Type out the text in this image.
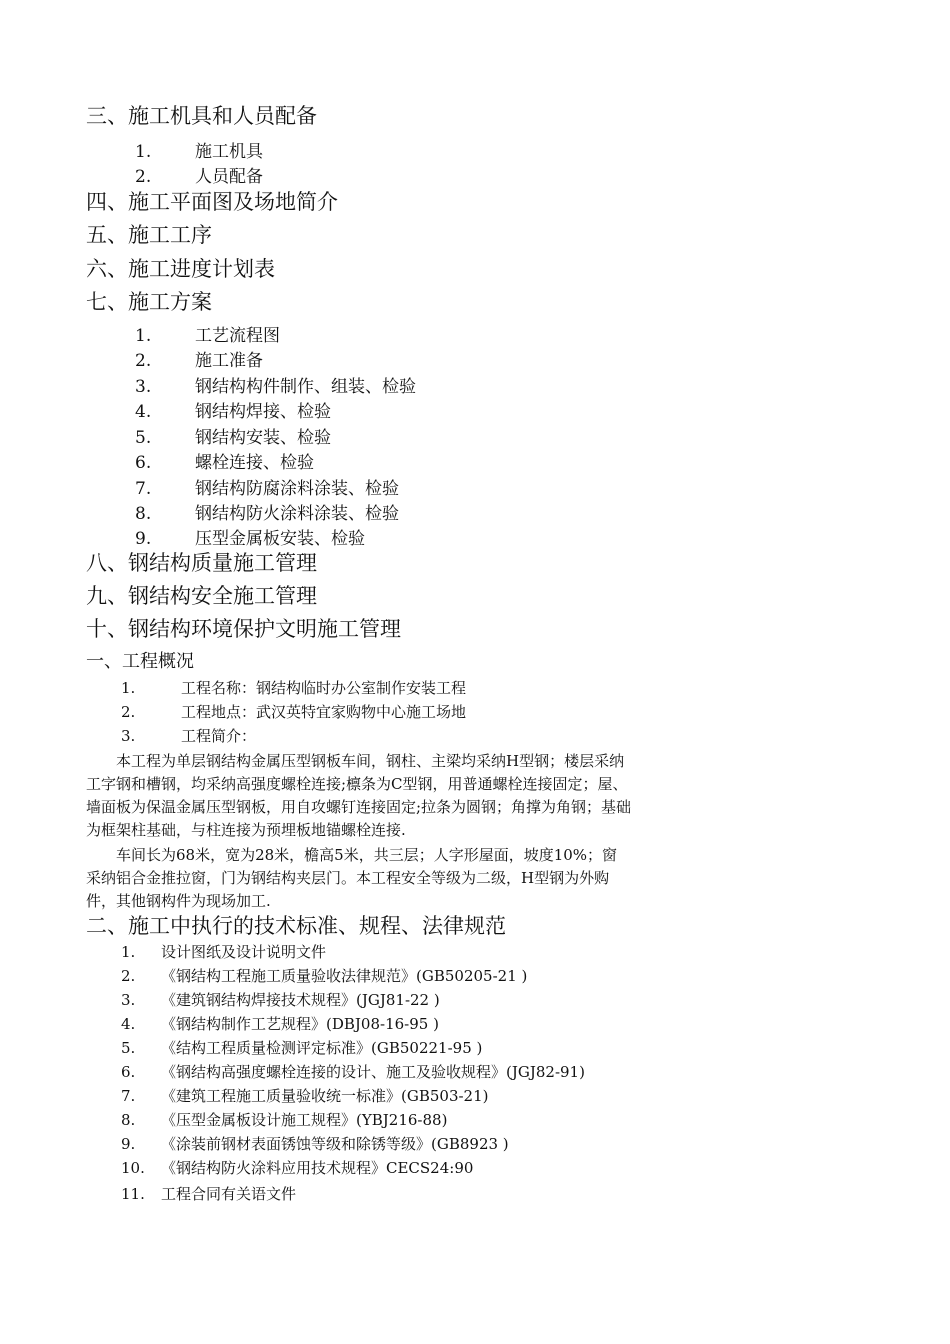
三、施工机具和人员配备
1.	施工机具
2.	人员配备
四、施工平面图及场地简介
五、施工工序
六、施工进度计划表
七、施工方案
1.	工艺流程图
2.	施工准备
3.	钢结构构件制作、组装、检验
4.	钢结构焊接、检验
5.	钢结构安装、检验
6.	螺栓连接、检验
7.	钢结构防腐涂料涂装、检验
8.	钢结构防火涂料涂装、检验
9.	压型金属板安装、检验
八、钢结构质量施工管理
九、钢结构安全施工管理
十、钢结构环境保护文明施工管理
一、工程概况
1.	工程名称：钢结构临时办公室制作安装工程
2.	工程地点：武汉英特宜家购物中心施工场地
3.	工程简介：
　　本工程为单层钢结构金属压型钢板车间，钢柱、主梁均采纳H型钢；楼层采纳
工字钢和槽钢，均采纳高强度螺栓连接;檩条为C型钢，用普通螺栓连接固定；屋、
墙面板为保温金属压型钢板，用自攻螺钉连接固定;拉条为圆钢；角撑为角钢；基础
为框架柱基础，与柱连接为预埋板地锚螺栓连接.
　　车间长为68米，宽为28米，檐高5米，共三层；人字形屋面，坡度10%；窗
采纳铝合金推拉窗，门为钢结构夹层门。本工程安全等级为二级，H型钢为外购
件，其他钢构件为现场加工.
二、施工中执行的技术标准、规程、法律规范
1. 设计图纸及设计说明文件
2. 《钢结构工程施工质量验收法律规范》(GB50205-21 )
3. 《建筑钢结构焊接技术规程》(JGJ81-22 )
4. 《钢结构制作工艺规程》(DBJ08-16-95 )
5. 《结构工程质量检测评定标准》(GB50221-95 )
6. 《钢结构高强度螺栓连接的设计、施工及验收规程》(JGJ82-91)
7. 《建筑工程施工质量验收统一标准》(GB503-21)
8. 《压型金属板设计施工规程》(YBJ216-88)
9. 《涂装前钢材表面锈蚀等级和除锈等级》(GB8923 )
10. 《钢结构防火涂料应用技术规程》CECS24:90
11. 工程合同有关语文件
